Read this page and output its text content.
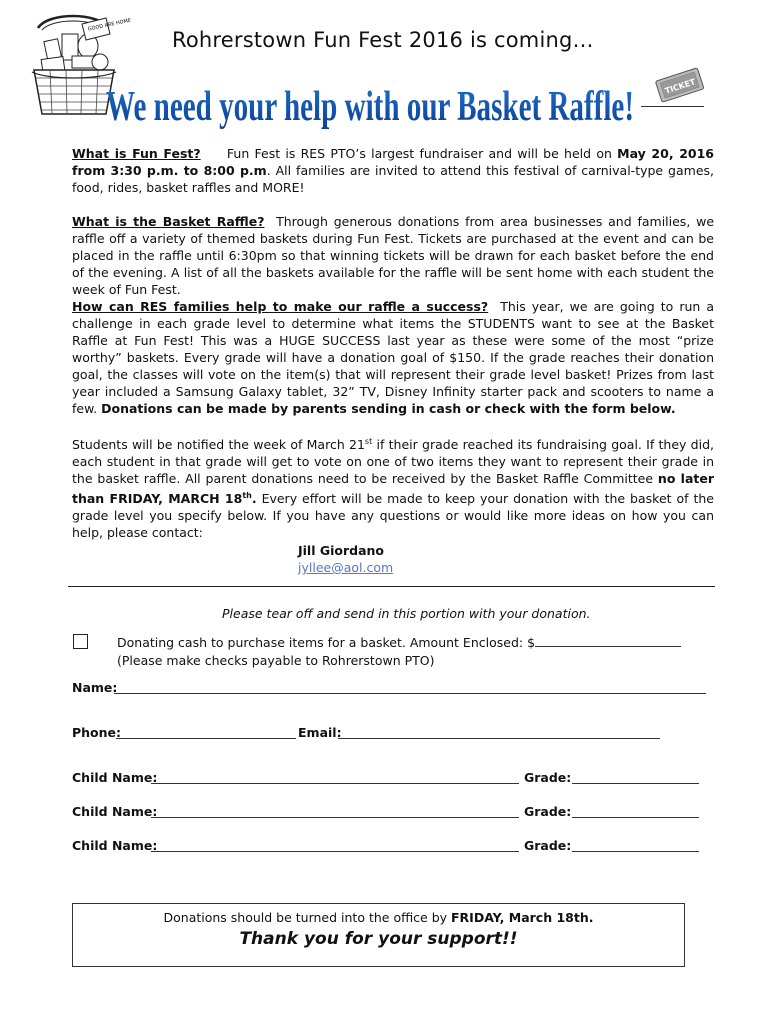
GOOD ARE HOME
TICKET
Rohrerstown Fun Fest 2016 is coming…
We need your help with our Basket Raffle!
What is Fun Fest? Fun Fest is RES PTO’s largest fundraiser and will be held on May 20, 2016 from 3:30 p.m. to 8:00 p.m. All families are invited to attend this festival of carnival-type games, food, rides, basket raffles and MORE!
What is the Basket Raffle? Through generous donations from area businesses and families, we raffle off a variety of themed baskets during Fun Fest. Tickets are purchased at the event and can be placed in the raffle until 6:30pm so that winning tickets will be drawn for each basket before the end of the evening. A list of all the baskets available for the raffle will be sent home with each student the week of Fun Fest.
How can RES families help to make our raffle a success? This year, we are going to run a challenge in each grade level to determine what items the STUDENTS want to see at the Basket Raffle at Fun Fest! This was a HUGE SUCCESS last year as these were some of the most “prize worthy” baskets. Every grade will have a donation goal of $150. If the grade reaches their donation goal, the classes will vote on the item(s) that will represent their grade level basket! Prizes from last year included a Samsung Galaxy tablet, 32” TV, Disney Infinity starter pack and scooters to name a few. Donations can be made by parents sending in cash or check with the form below.
Students will be notified the week of March 21st if their grade reached its fundraising goal. If they did, each student in that grade will get to vote on one of two items they want to represent their grade in the basket raffle. All parent donations need to be received by the Basket Raffle Committee no later than FRIDAY, MARCH 18th. Every effort will be made to keep your donation with the basket of the grade level you specify below. If you have any questions or would like more ideas on how you can help, please contact:
Jill Giordano
jyllee@aol.com
Please tear off and send in this portion with your donation.
Donating cash to purchase items for a basket. Amount Enclosed: $
(Please make checks payable to Rohrerstown PTO)
Name:
Phone:	Email:
Child Name:	Grade:
Child Name:	Grade:
Child Name:	Grade:
Donations should be turned into the office by FRIDAY, March 18th.
Thank you for your support!!
